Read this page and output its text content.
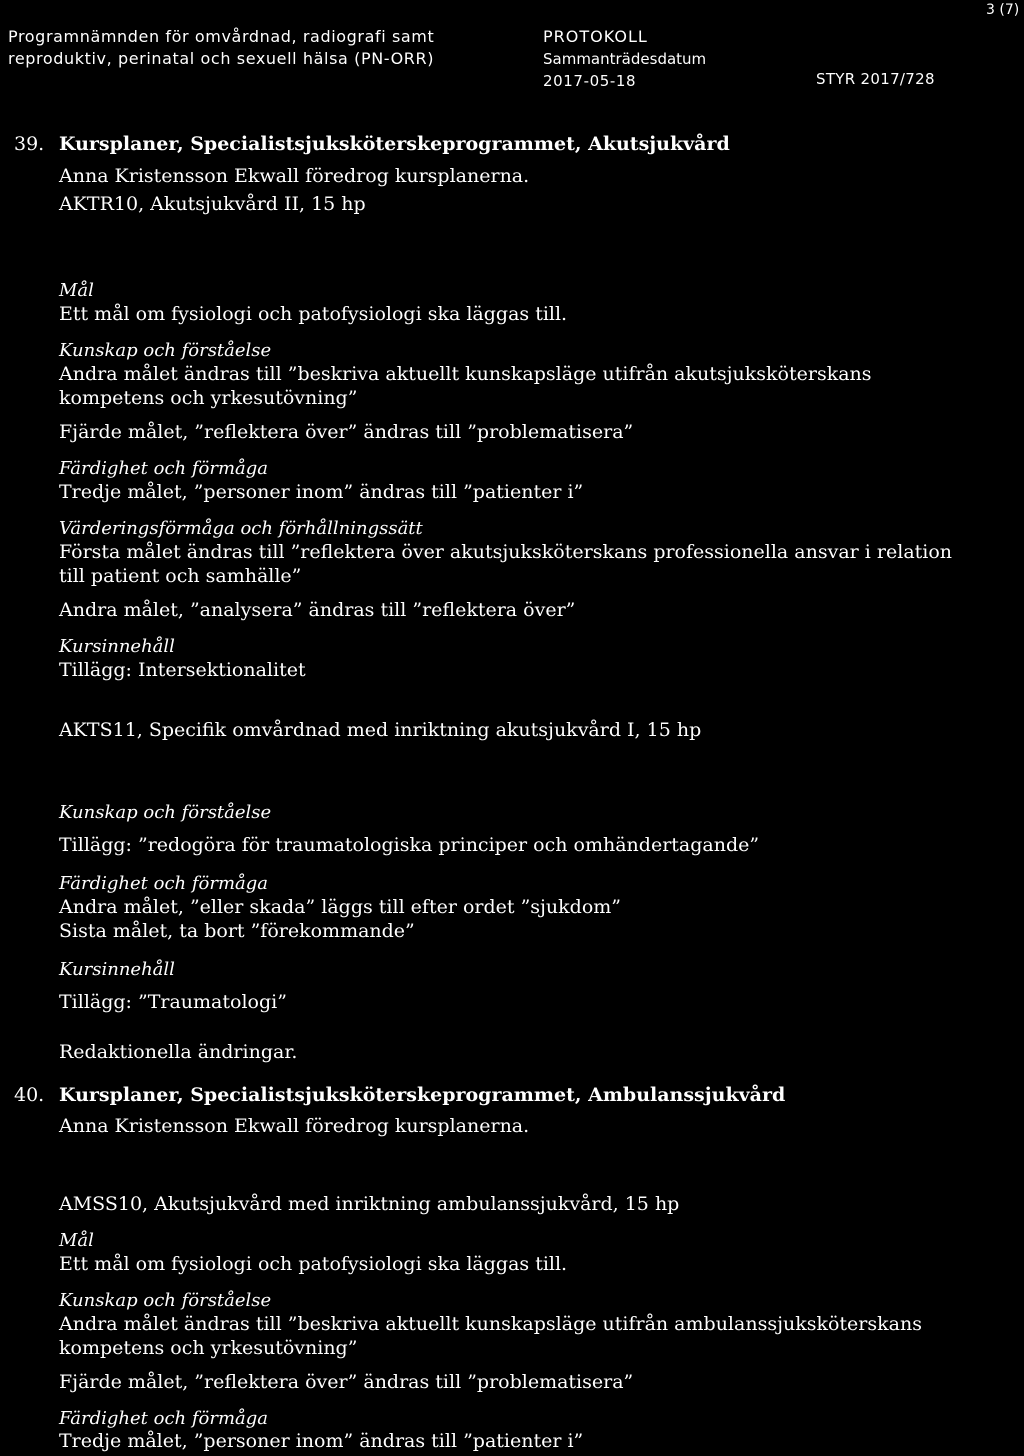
Programnämnden för omvårdnad, radiografi samt
reproduktiv, perinatal och sexuell hälsa (PN-ORR)
PROTOKOLL
Sammanträdesdatum
2017-05-18	STYR 2017/728
3 (7)
39. Kursplaner, Specialistsjuksköterskeprogrammet, Akutsjukvård
Anna Kristensson Ekwall föredrog kursplanerna.
AKTR10, Akutsjukvård II, 15 hp
Mål
Ett mål om fysiologi och patofysiologi ska läggas till.
Kunskap och förståelse
Andra målet ändras till ”beskriva aktuellt kunskapsläge utifrån akutsjuksköterskans
kompetens och yrkesutövning”
Fjärde målet, ”reflektera över” ändras till ”problematisera”
Färdighet och förmåga
Tredje målet, ”personer inom” ändras till ”patienter i”
Värderingsförmåga och förhållningssätt
Första målet ändras till ”reflektera över akutsjuksköterskans professionella ansvar i relation
till patient och samhälle”
Andra målet, ”analysera” ändras till ”reflektera över”
Kursinnehåll
Tillägg: Intersektionalitet
AKTS11, Specifik omvårdnad med inriktning akutsjukvård I, 15 hp
Kunskap och förståelse
Tillägg: ”redogöra för traumatologiska principer och omhändertagande”
Färdighet och förmåga
Andra målet, ”eller skada” läggs till efter ordet ”sjukdom”
Sista målet, ta bort ”förekommande”
Kursinnehåll
Tillägg: ”Traumatologi”
Redaktionella ändringar.
40. Kursplaner, Specialistsjuksköterskeprogrammet, Ambulanssjukvård
Anna Kristensson Ekwall föredrog kursplanerna.
AMSS10, Akutsjukvård med inriktning ambulanssjukvård, 15 hp
Mål
Ett mål om fysiologi och patofysiologi ska läggas till.
Kunskap och förståelse
Andra målet ändras till ”beskriva aktuellt kunskapsläge utifrån ambulanssjuksköterskans
kompetens och yrkesutövning”
Fjärde målet, ”reflektera över” ändras till ”problematisera”
Färdighet och förmåga
Tredje målet, ”personer inom” ändras till ”patienter i”
